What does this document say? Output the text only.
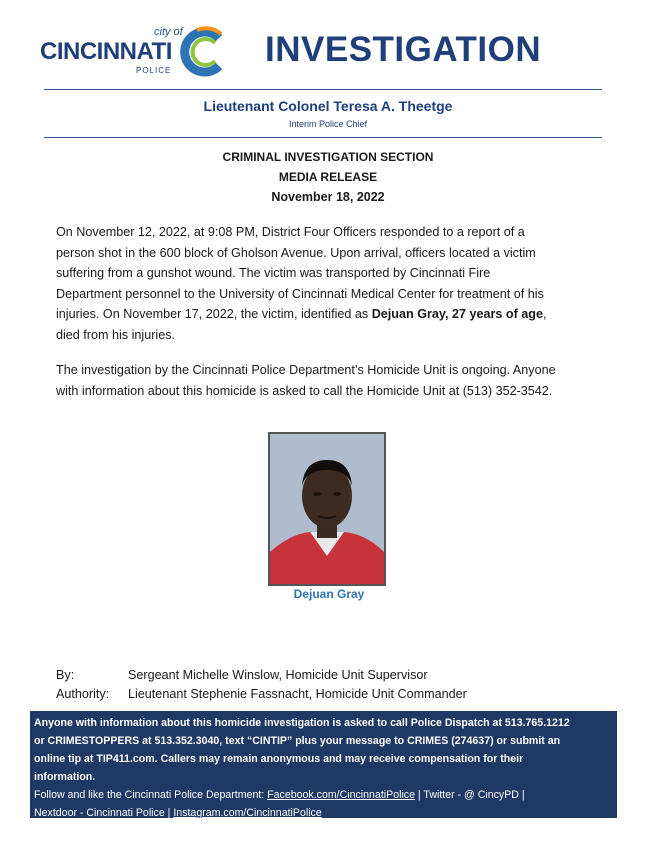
city of
CINCINNATI
POLICE
INVESTIGATION
Lieutenant Colonel Teresa A. Theetge
Interim Police Chief
CRIMINAL INVESTIGATION SECTION
MEDIA RELEASE
November 18, 2022
On November 12, 2022, at 9:08 PM, District Four Officers responded to a report of a
person shot in the 600 block of Gholson Avenue. Upon arrival, officers located a victim
suffering from a gunshot wound. The victim was transported by Cincinnati Fire
Department personnel to the University of Cincinnati Medical Center for treatment of his
injuries. On November 17, 2022, the victim, identified as Dejuan Gray, 27 years of age,
died from his injuries.
The investigation by the Cincinnati Police Department’s Homicide Unit is ongoing. Anyone
with information about this homicide is asked to call the Homicide Unit at (513) 352-3542.
Dejuan Gray
By:	Sergeant Michelle Winslow, Homicide Unit Supervisor
Authority: Lieutenant Stephenie Fassnacht, Homicide Unit Commander
Anyone with information about this homicide investigation is asked to call Police Dispatch at 513.765.1212
or CRIMESTOPPERS at 513.352.3040, text “CINTIP” plus your message to CRIMES (274637) or submit an
online tip at TIP411.com. Callers may remain anonymous and may receive compensation for their
information.
Follow and like the Cincinnati Police Department: Facebook.com/CincinnatiPolice | Twitter - @ CincyPD |
Nextdoor - Cincinnati Police | Instagram.com/CincinnatiPolice
